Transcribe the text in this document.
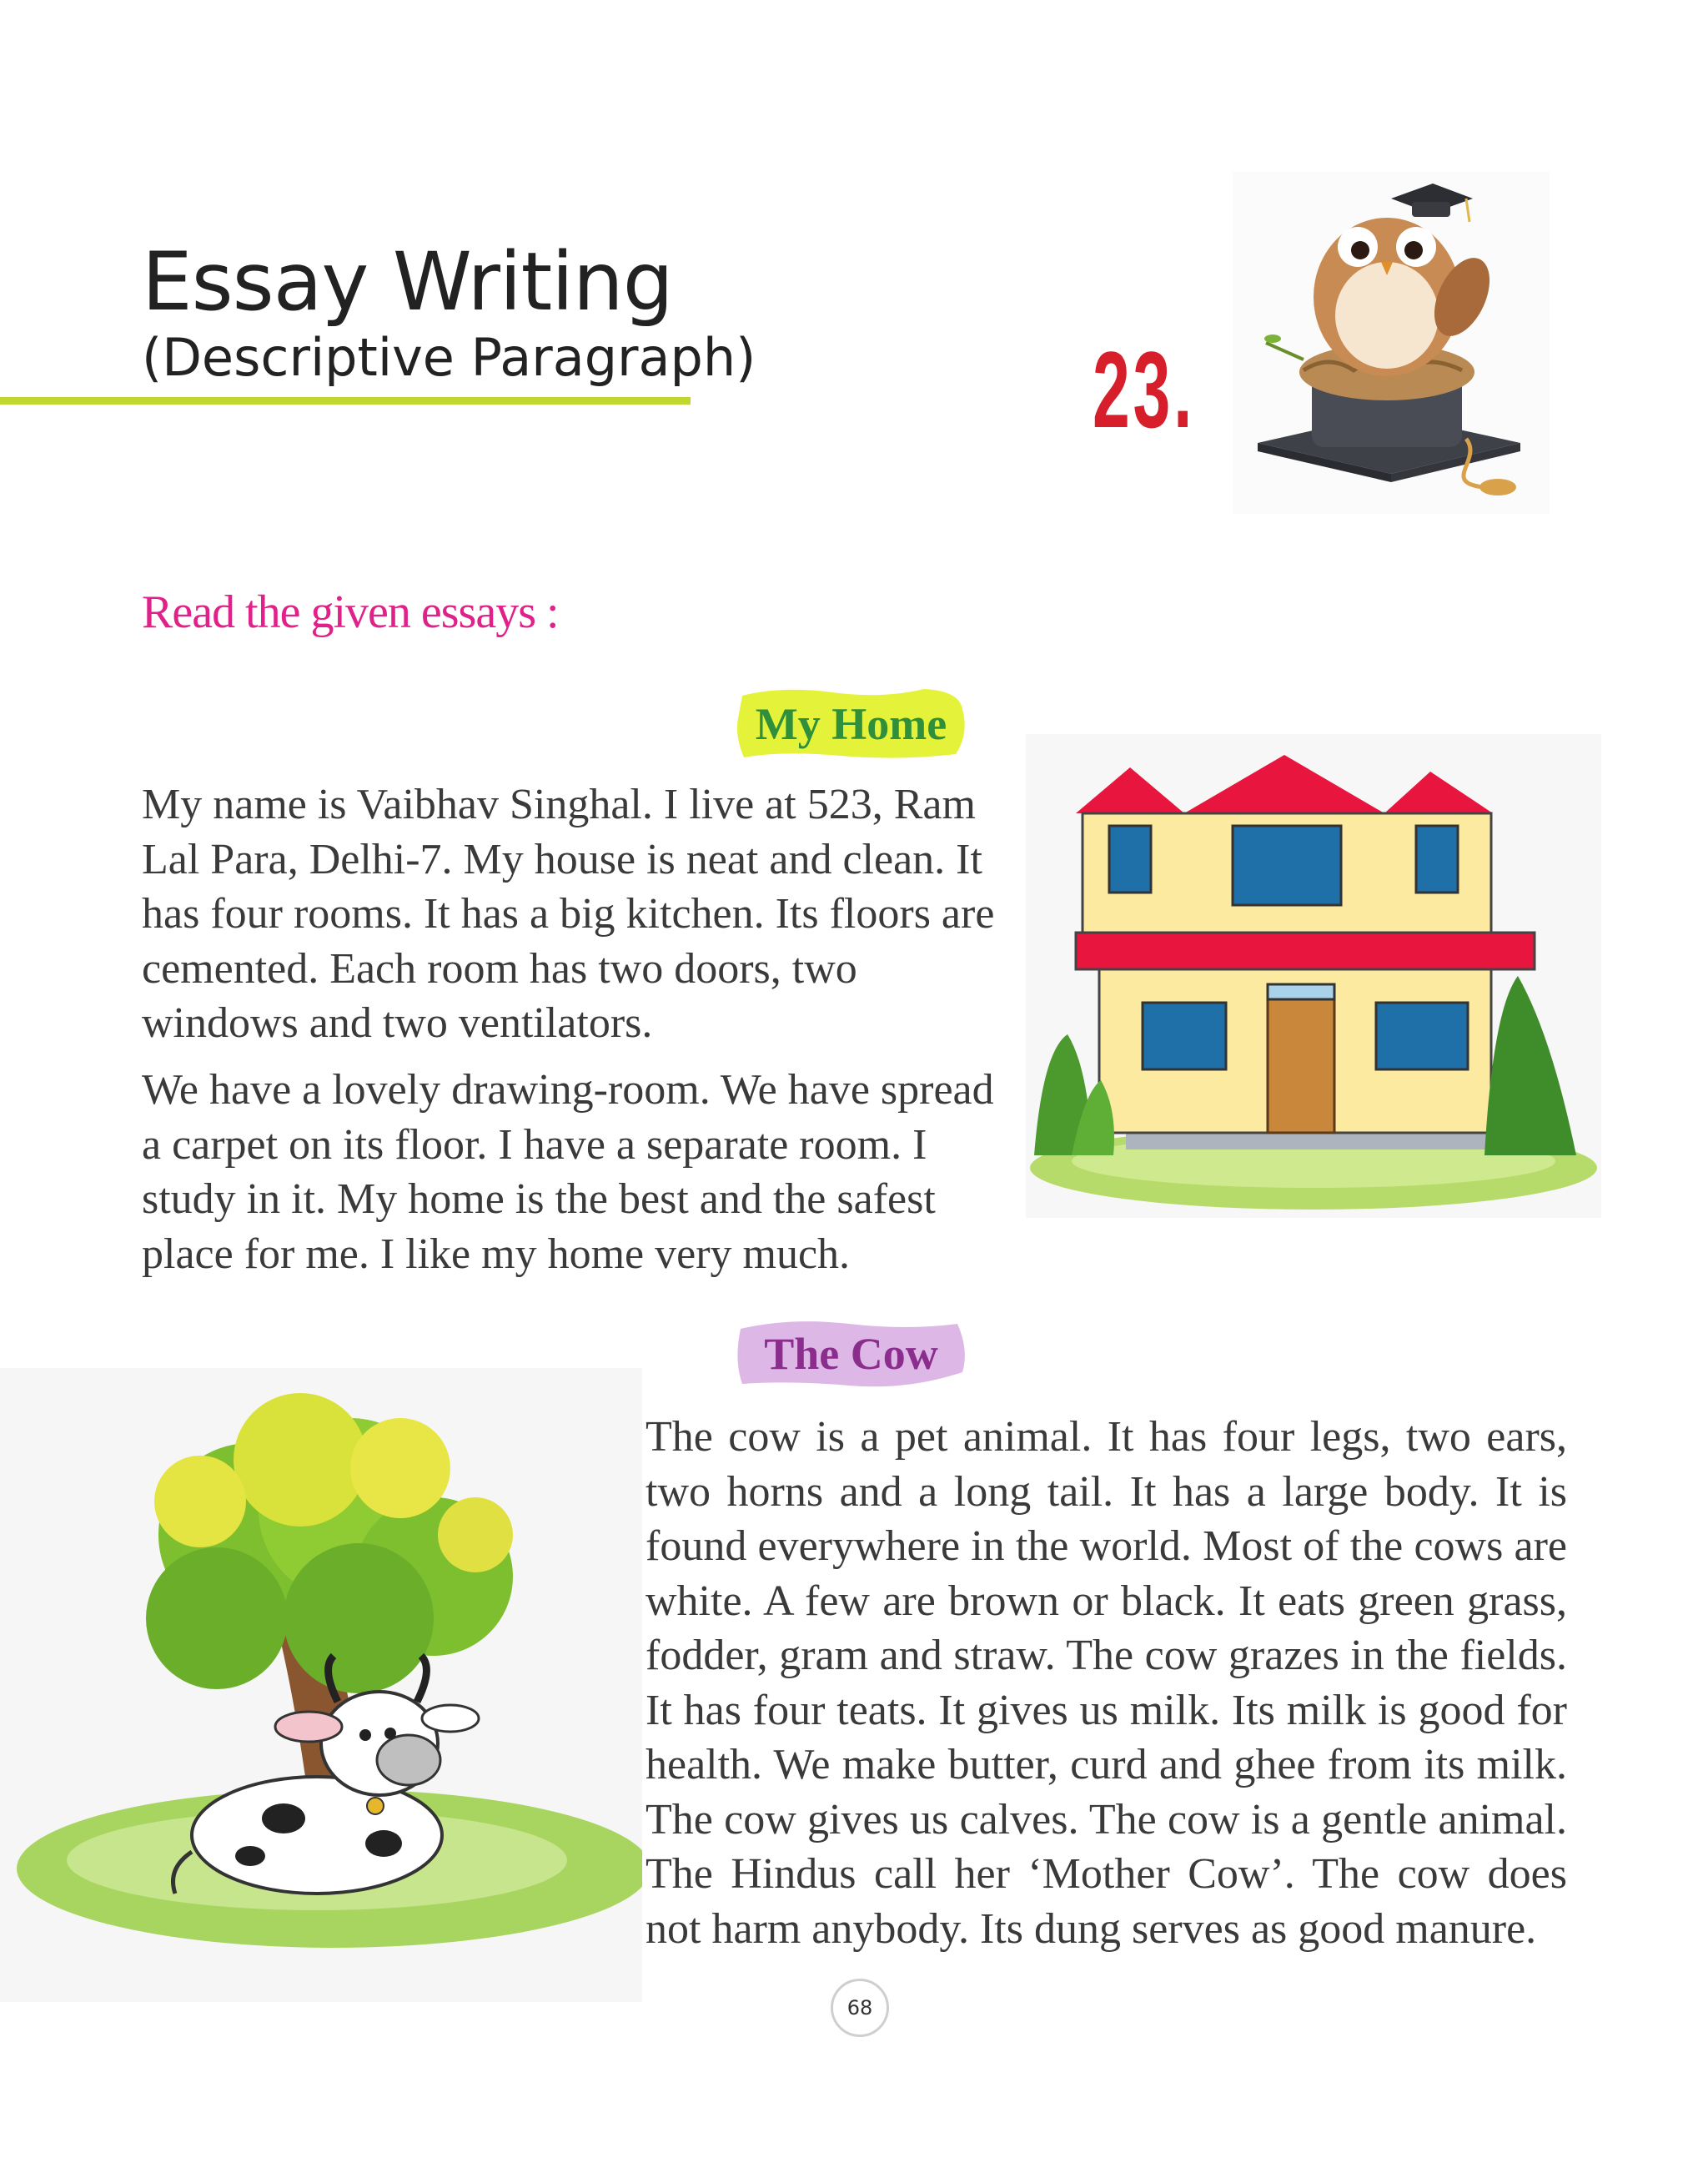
Essay Writing

(Descriptive Paragraph)	23.

Read the given essays :

My Home

My name is Vaibhav Singhal. I live at 523, Ram Lal Para, Delhi-7. My house is neat and clean. It has four rooms. It has a big kitchen. Its floors are cemented. Each room has two doors, two windows and two ventilators.

We have a lovely drawing-room. We have spread a carpet on its floor. I have a separate room. I study in it. My home is the best and the safest place for me. I like my home very much.

The Cow

The cow is a pet animal. It has four legs, two ears, two horns and a long tail. It has a large body. It is found everywhere in the world. Most of the cows are white. A few are brown or black. It eats green grass, fodder, gram and straw. The cow grazes in the fields. It has four teats. It gives us milk. Its milk is good for health. We make butter, curd and ghee from its milk. The cow gives us calves. The cow is a gentle animal. The Hindus call her ‘Mother Cow’. The cow does not harm anybody. Its dung serves as good manure.

68
